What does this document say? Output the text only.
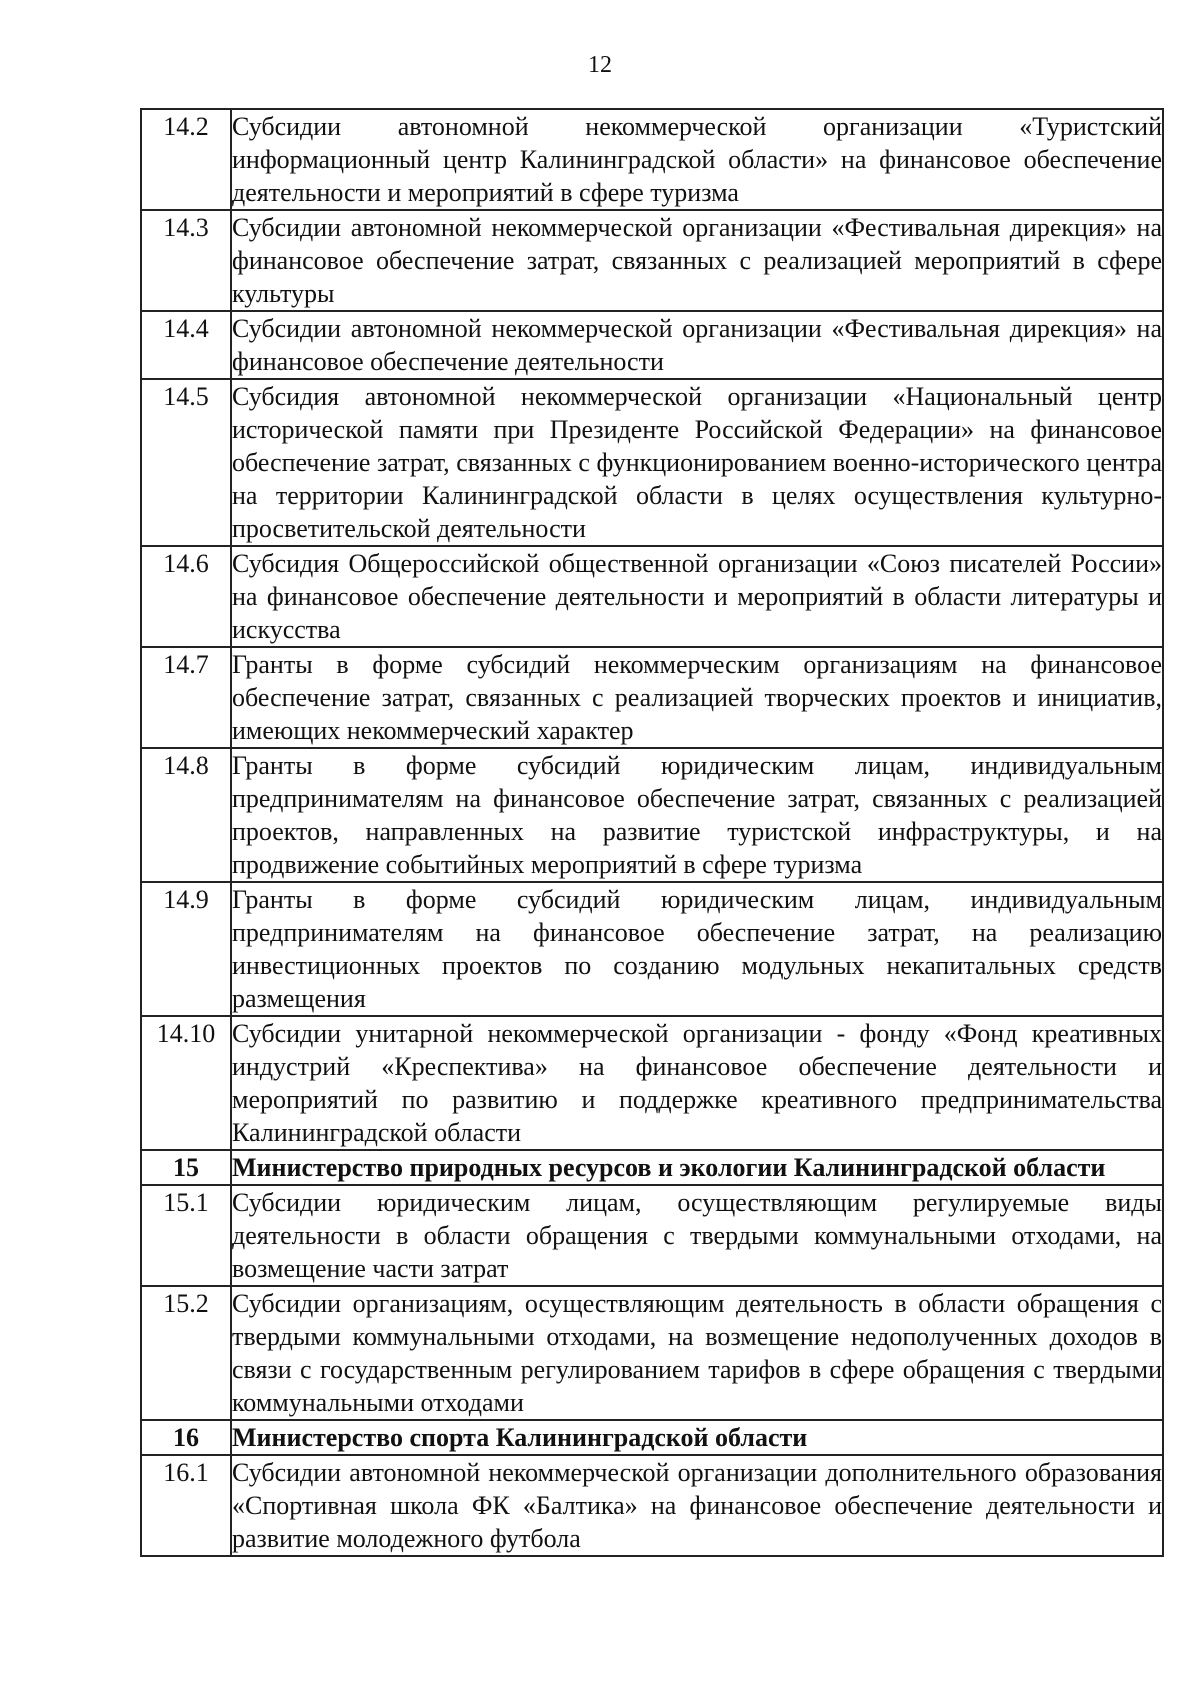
12
14.2	Субсидии автономной некоммерческой организации «Туристский информационный центр Калининградской области» на финансовое обеспечение деятельности и мероприятий в сфере туризма
14.3	Субсидии автономной некоммерческой организации «Фестивальная дирекция» на финансовое обеспечение затрат, связанных с реализацией мероприятий в сфере культуры
14.4	Субсидии автономной некоммерческой организации «Фестивальная дирекция» на финансовое обеспечение деятельности
14.5	Субсидия автономной некоммерческой организации «Национальный центр исторической памяти при Президенте Российской Федерации» на финансовое обеспечение затрат, связанных с функционированием военно-исторического центра на территории Калининградской области в целях осуществления культурно-просветительской деятельности
14.6	Субсидия Общероссийской общественной организации «Союз писателей России» на финансовое обеспечение деятельности и мероприятий в области литературы и искусства
14.7	Гранты в форме субсидий некоммерческим организациям на финансовое обеспечение затрат, связанных с реализацией творческих проектов и инициатив, имеющих некоммерческий характер
14.8	Гранты в форме субсидий юридическим лицам, индивидуальным предпринимателям на финансовое обеспечение затрат, связанных с реализацией проектов, направленных на развитие туристской инфраструктуры, и на продвижение событийных мероприятий в сфере туризма
14.9	Гранты в форме субсидий юридическим лицам, индивидуальным предпринимателям на финансовое обеспечение затрат, на реализацию инвестиционных проектов по созданию модульных некапитальных средств размещения
14.10	Субсидии унитарной некоммерческой организации - фонду «Фонд креативных индустрий «Креспектива» на финансовое обеспечение деятельности и мероприятий по развитию и поддержке креативного предпринимательства Калининградской области
15	Министерство природных ресурсов и экологии Калининградской области
15.1	Субсидии юридическим лицам, осуществляющим регулируемые виды деятельности в области обращения с твердыми коммунальными отходами, на возмещение части затрат
15.2	Субсидии организациям, осуществляющим деятельность в области обращения с твердыми коммунальными отходами, на возмещение недополученных доходов в связи с государственным регулированием тарифов в сфере обращения с твердыми коммунальными отходами
16	Министерство спорта Калининградской области
16.1	Субсидии автономной некоммерческой организации дополнительного образования «Спортивная школа ФК «Балтика» на финансовое обеспечение деятельности и развитие молодежного футбола
